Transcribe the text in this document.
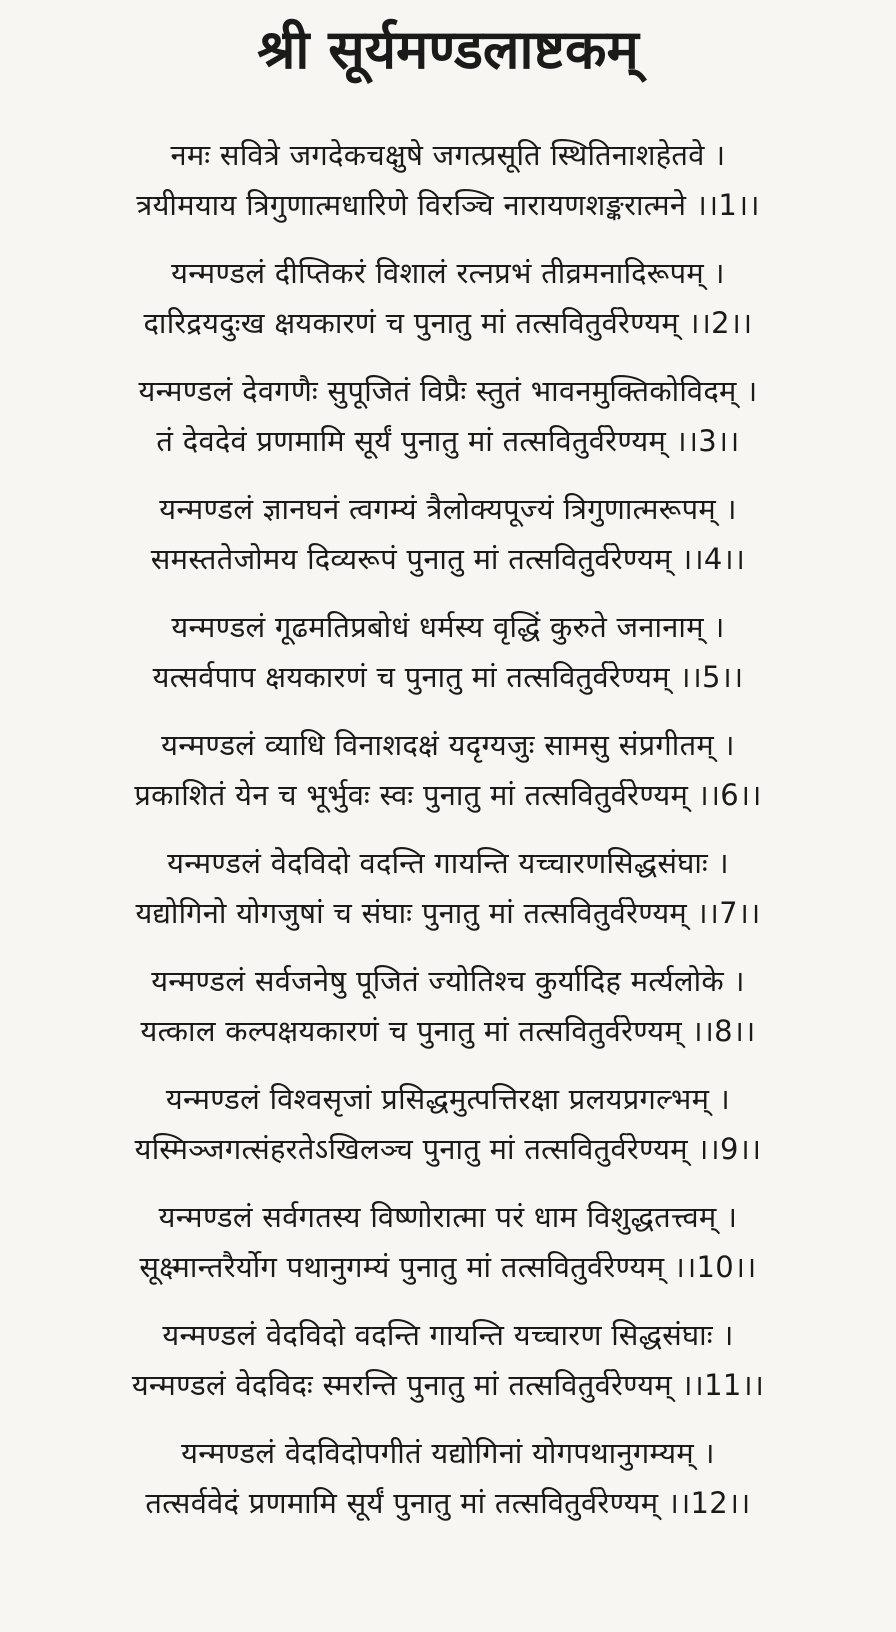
श्री सूर्यमण्डलाष्टकम्
नमः सवित्रे जगदेकचक्षुषे जगत्प्रसूति स्थितिनाशहेतवे ।
त्रयीमयाय त्रिगुणात्मधारिणे विरञ्चि नारायणशङ्करात्मने ।।1।।
यन्मण्डलं दीप्तिकरं विशालं रत्नप्रभं तीव्रमनादिरूपम् ।
दारिद्रयदुःख क्षयकारणं च पुनातु मां तत्सवितुर्वरेण्यम् ।।2।।
यन्मण्डलं देवगणैः सुपूजितं विप्रैः स्तुतं भावनमुक्तिकोविदम् ।
तं देवदेवं प्रणमामि सूर्यं पुनातु मां तत्सवितुर्वरेण्यम् ।।3।।
यन्मण्डलं ज्ञानघनं त्वगम्यं त्रैलोक्यपूज्यं त्रिगुणात्मरूपम् ।
समस्ततेजोमय दिव्यरूपं पुनातु मां तत्सवितुर्वरेण्यम् ।।4।।
यन्मण्डलं गूढमतिप्रबोधं धर्मस्य वृद्धिं कुरुते जनानाम् ।
यत्सर्वपाप क्षयकारणं च पुनातु मां तत्सवितुर्वरेण्यम् ।।5।।
यन्मण्डलं व्याधि विनाशदक्षं यदृग्यजुः सामसु संप्रगीतम् ।
प्रकाशितं येन च भूर्भुवः स्वः पुनातु मां तत्सवितुर्वरेण्यम् ।।6।।
यन्मण्डलं वेदविदो वदन्ति गायन्ति यच्चारणसिद्धसंघाः ।
यद्योगिनो योगजुषां च संघाः पुनातु मां तत्सवितुर्वरेण्यम् ।।7।।
यन्मण्डलं सर्वजनेषु पूजितं ज्योतिश्च कुर्यादिह मर्त्यलोके ।
यत्काल कल्पक्षयकारणं च पुनातु मां तत्सवितुर्वरेण्यम् ।।8।।
यन्मण्डलं विश्वसृजां प्रसिद्धमुत्पत्तिरक्षा प्रलयप्रगल्भम् ।
यस्मिञ्जगत्संहरतेऽखिलञ्च पुनातु मां तत्सवितुर्वरेण्यम् ।।9।।
यन्मण्डलं सर्वगतस्य विष्णोरात्मा परं धाम विशुद्धतत्त्वम् ।
सूक्ष्मान्तरैर्योग पथानुगम्यं पुनातु मां तत्सवितुर्वरेण्यम् ।।10।।
यन्मण्डलं वेदविदो वदन्ति गायन्ति यच्चारण सिद्धसंघाः ।
यन्मण्डलं वेदविदः स्मरन्ति पुनातु मां तत्सवितुर्वरेण्यम् ।।11।।
यन्मण्डलं वेदविदोपगीतं यद्योगिनां योगपथानुगम्यम् ।
तत्सर्ववेदं प्रणमामि सूर्यं पुनातु मां तत्सवितुर्वरेण्यम् ।।12।।
